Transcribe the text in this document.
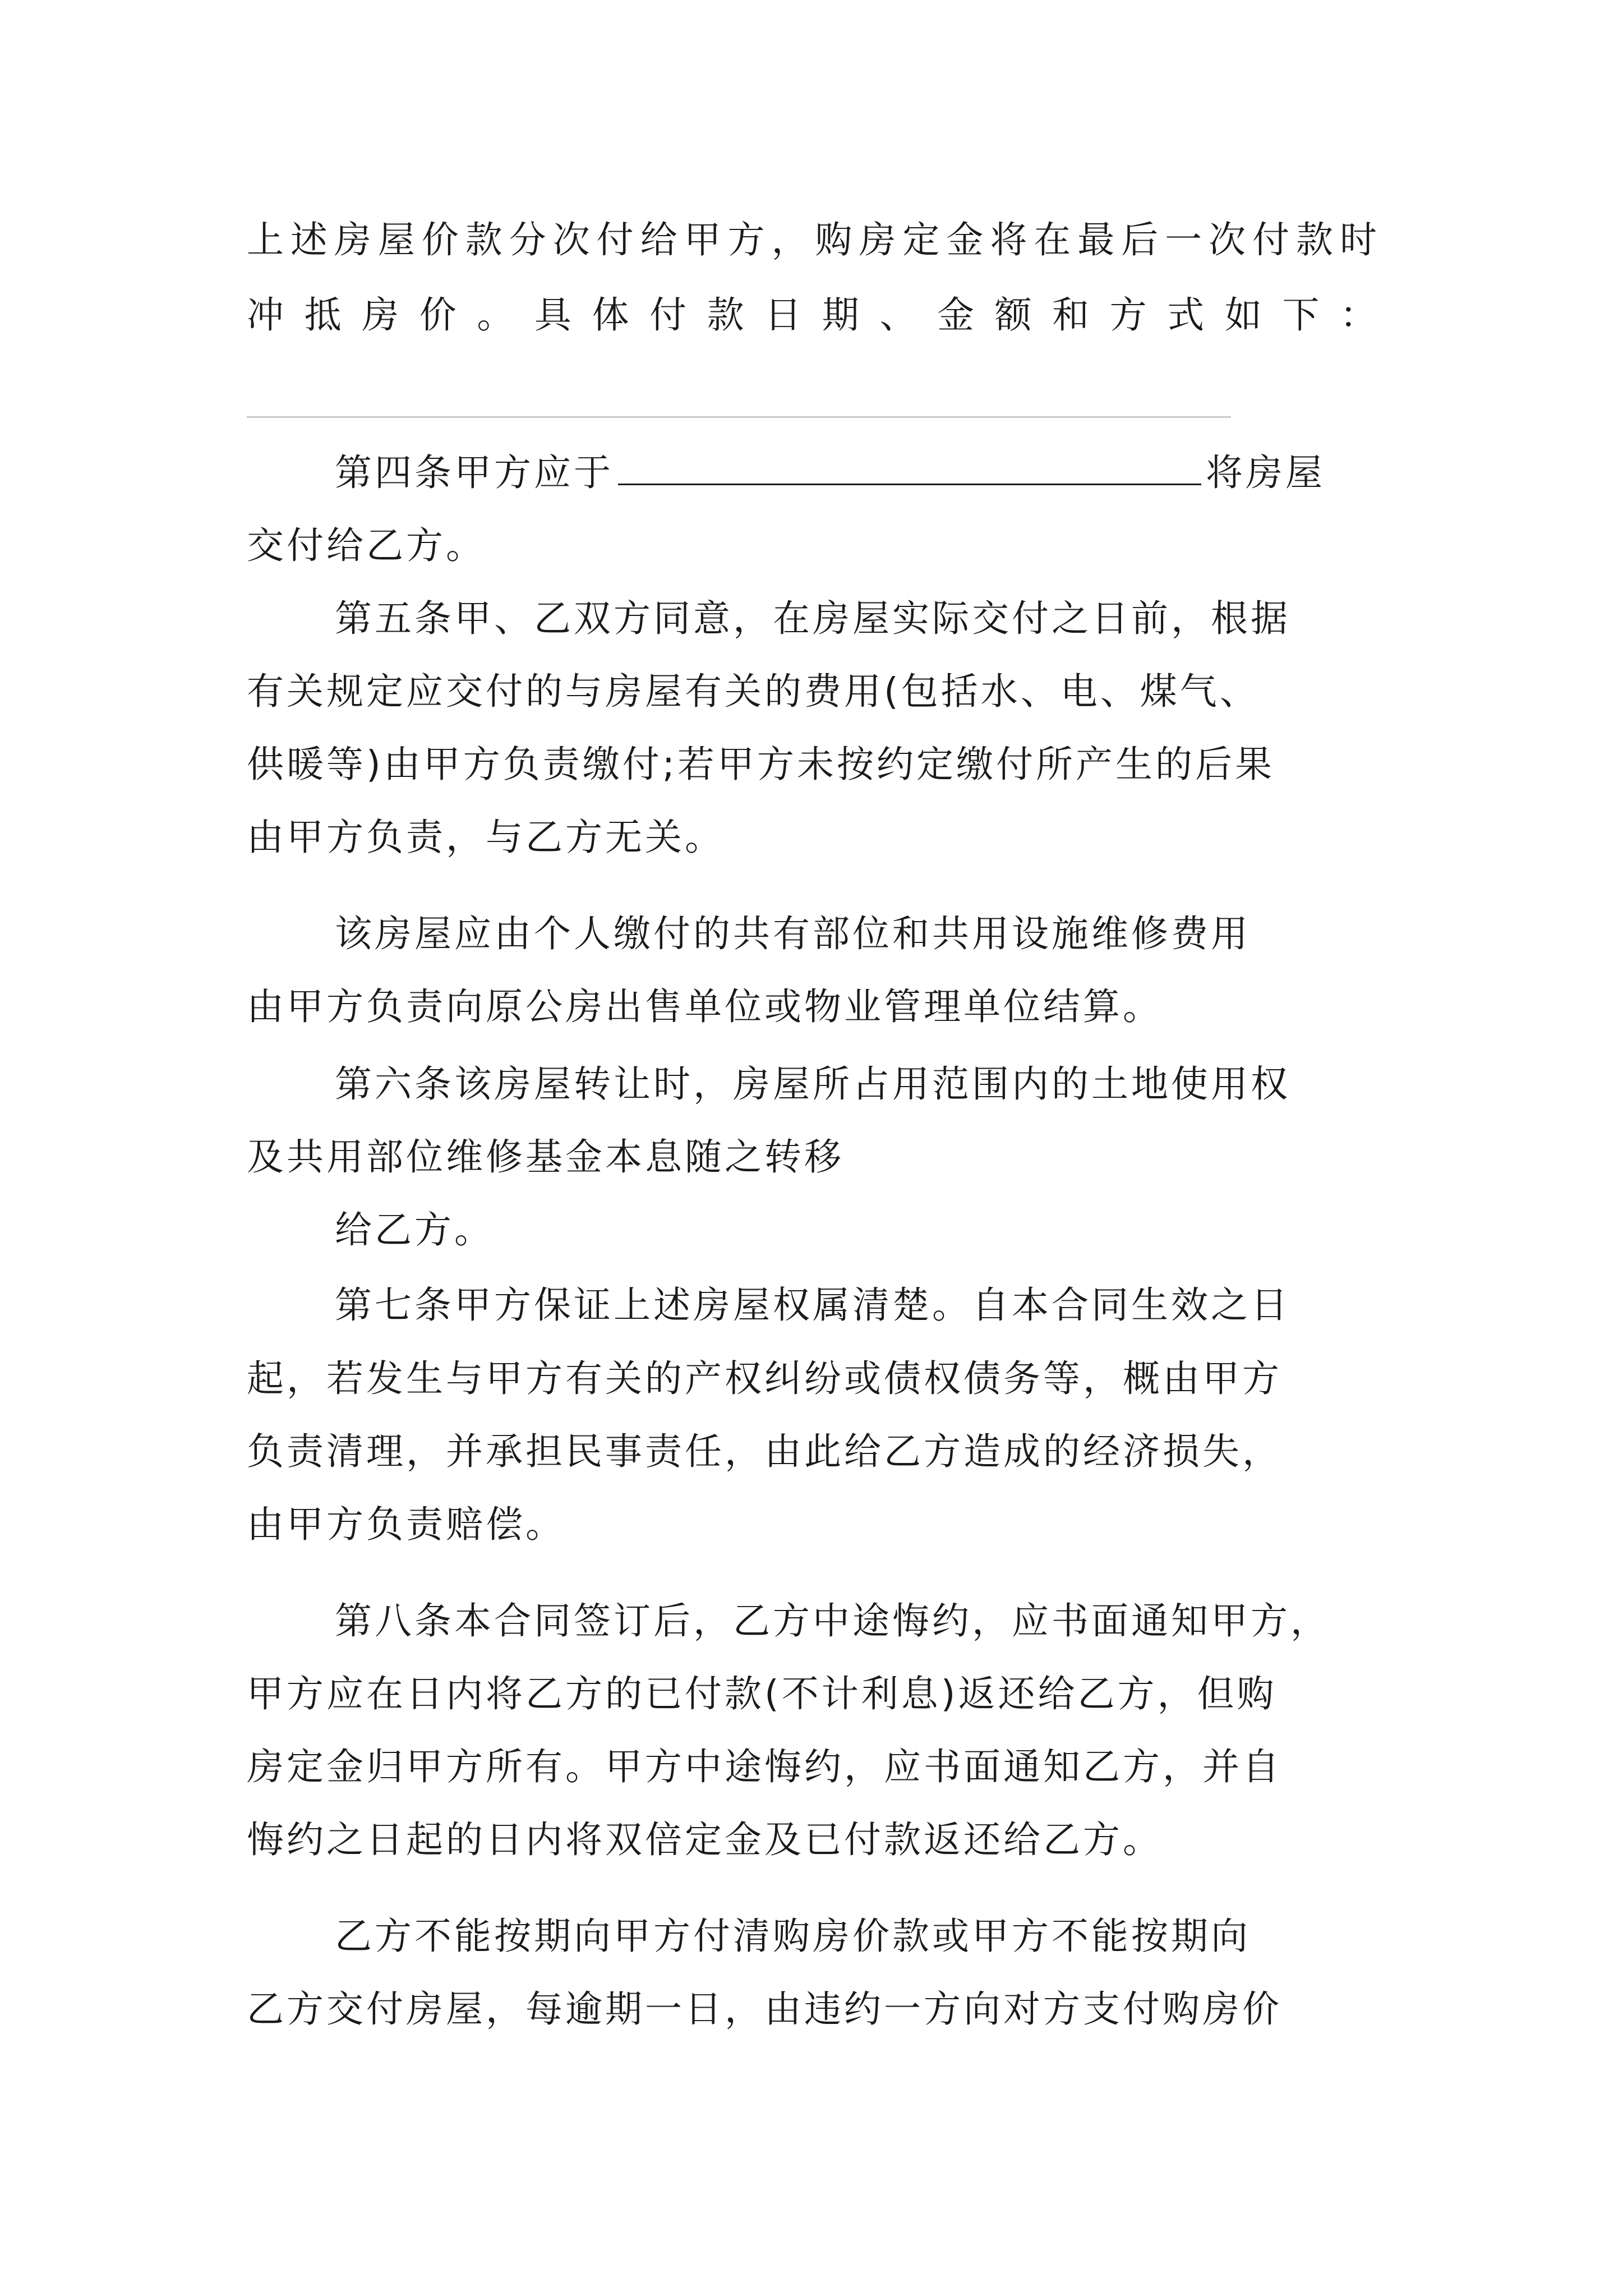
上述房屋价款分次付给甲方，购房定金将在最后一次付款时
冲抵房价。具体付款日期、金额和方式如下：
第四条甲方应于	将房屋
交付给乙方。
第五条甲、乙双方同意，在房屋实际交付之日前，根据
有关规定应交付的与房屋有关的费用(包括水、电、煤气、
供暖等)由甲方负责缴付;若甲方未按约定缴付所产生的后果
由甲方负责，与乙方无关。
该房屋应由个人缴付的共有部位和共用设施维修费用
由甲方负责向原公房出售单位或物业管理单位结算。
第六条该房屋转让时，房屋所占用范围内的土地使用权
及共用部位维修基金本息随之转移
给乙方。
第七条甲方保证上述房屋权属清楚。自本合同生效之日
起，若发生与甲方有关的产权纠纷或债权债务等，概由甲方
负责清理，并承担民事责任，由此给乙方造成的经济损失，
由甲方负责赔偿。
第八条本合同签订后，乙方中途悔约，应书面通知甲方，
甲方应在日内将乙方的已付款(不计利息)返还给乙方，但购
房定金归甲方所有。甲方中途悔约，应书面通知乙方，并自
悔约之日起的日内将双倍定金及已付款返还给乙方。
乙方不能按期向甲方付清购房价款或甲方不能按期向
乙方交付房屋，每逾期一日，由违约一方向对方支付购房价
